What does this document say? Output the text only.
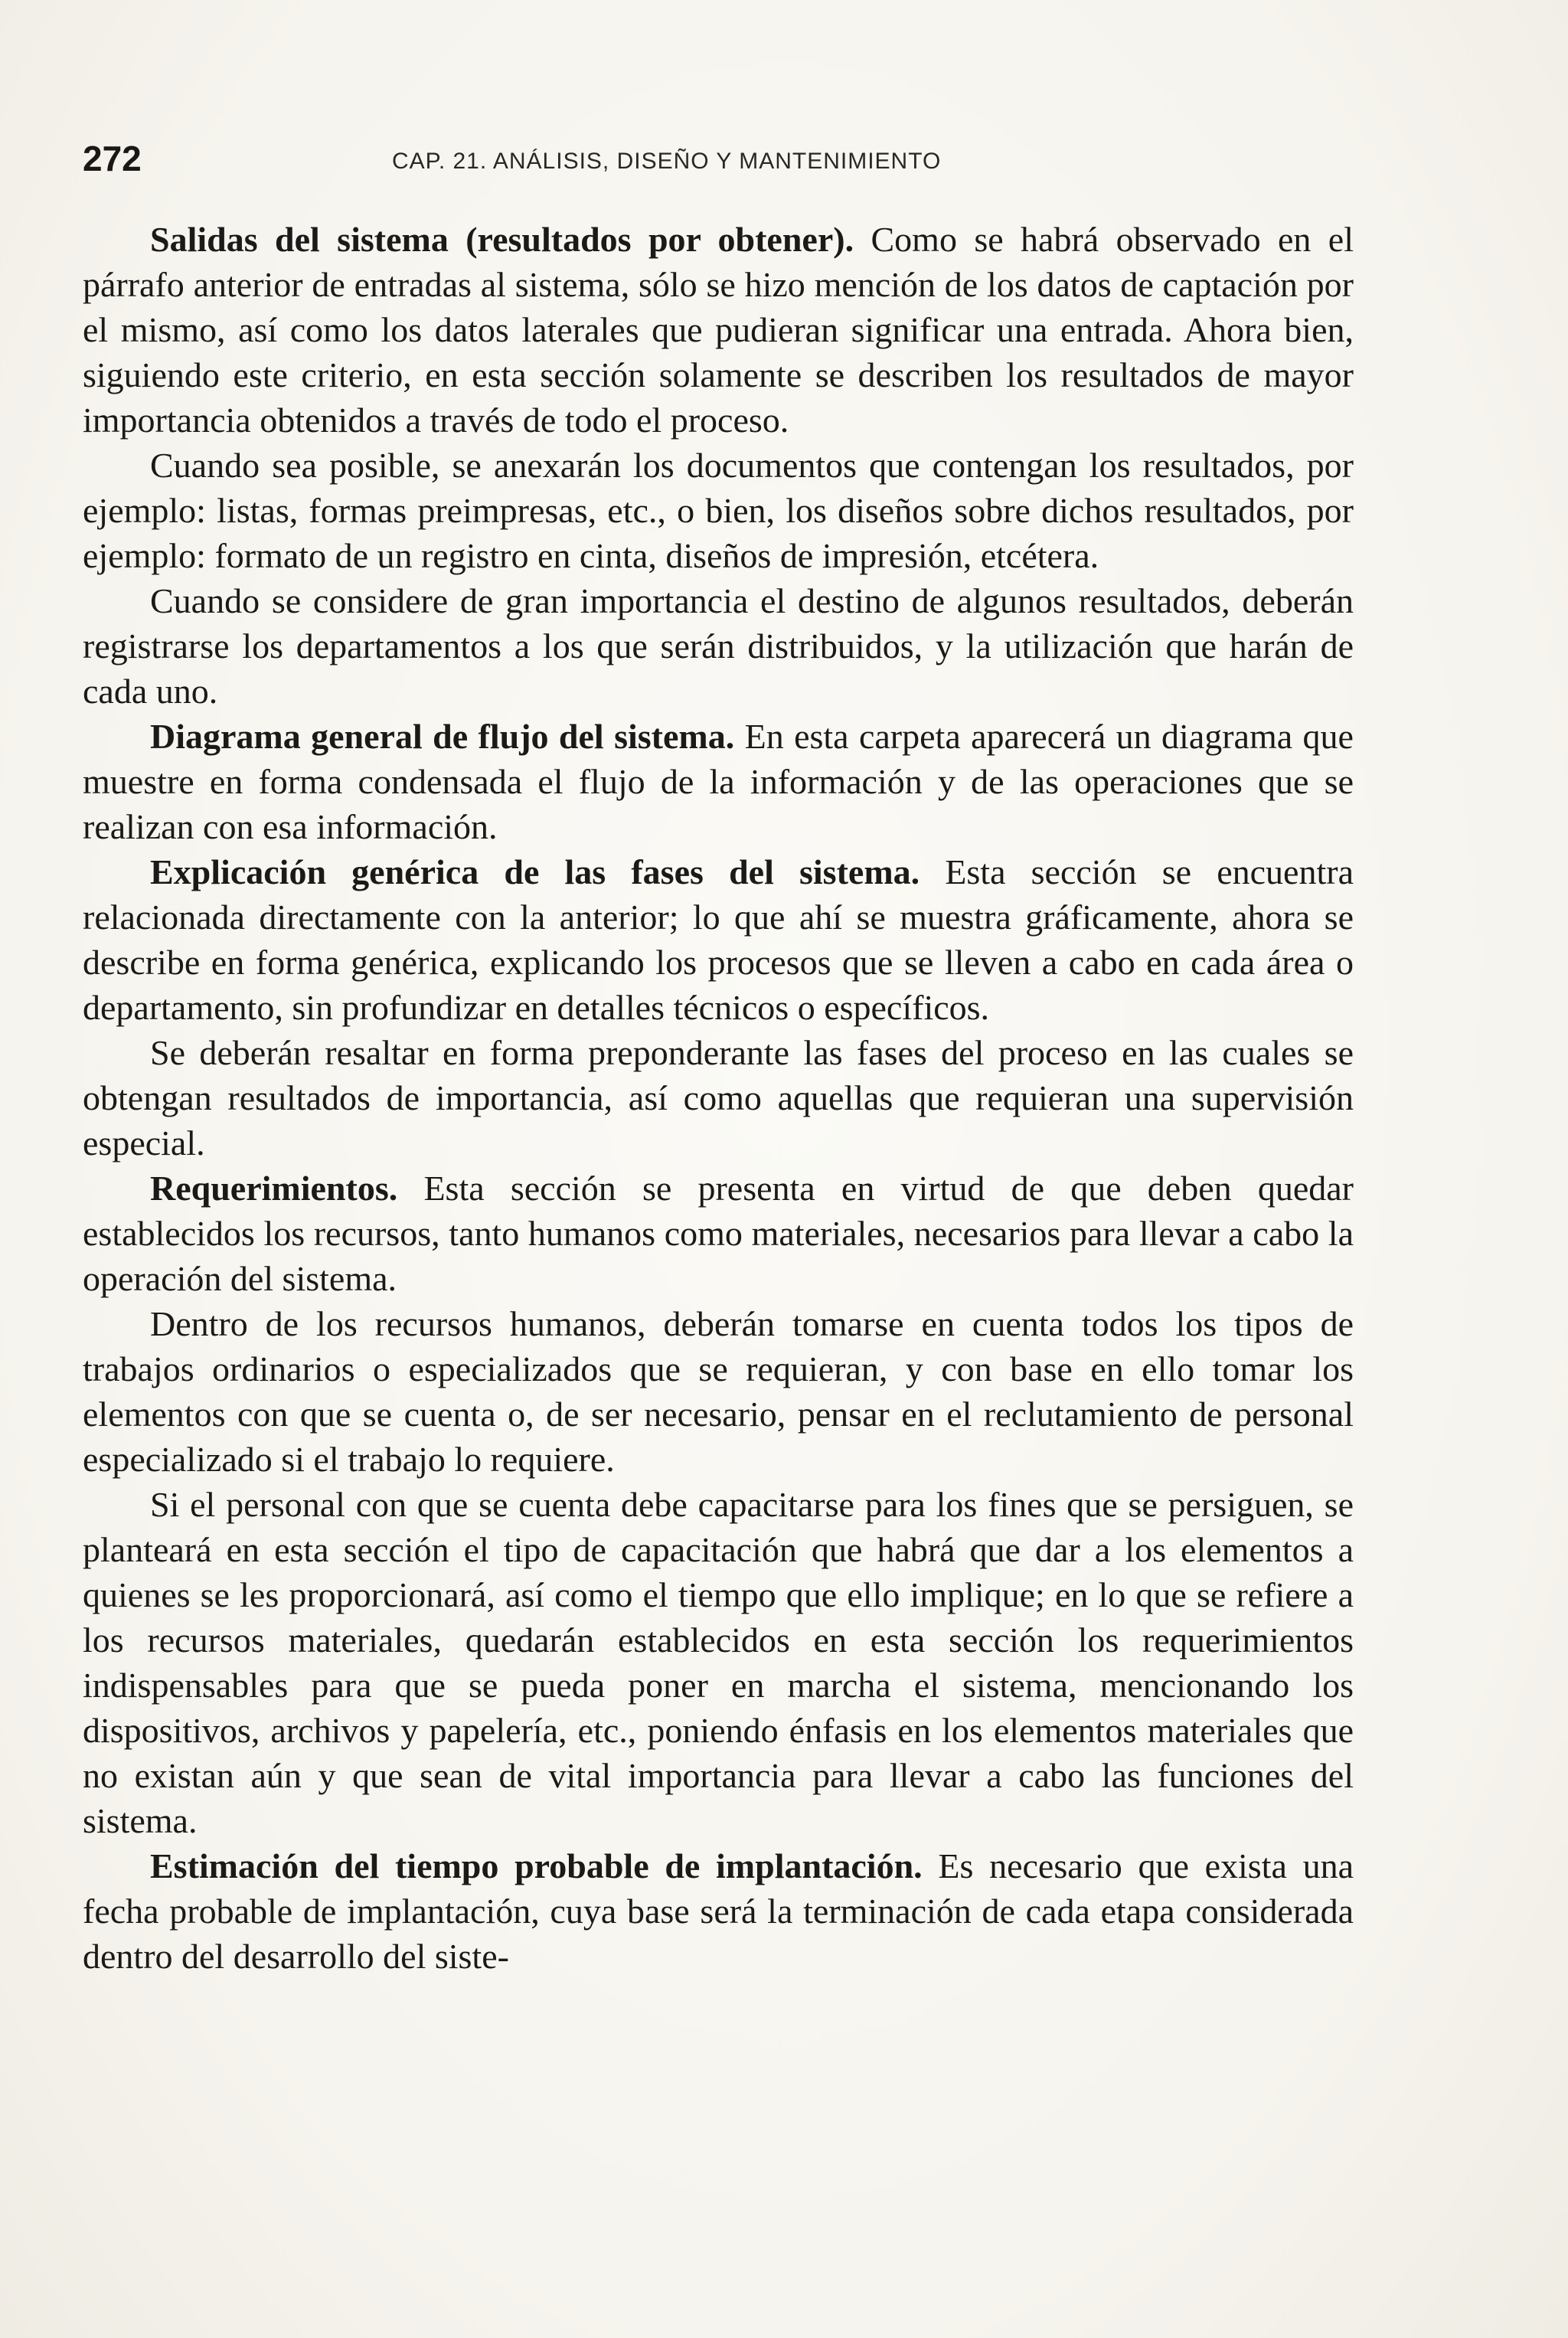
272	CAP. 21. ANÁLISIS, DISEÑO Y MANTENIMIENTO

Salidas del sistema (resultados por obtener). Como se habrá observado en el párrafo anterior de entradas al sistema, sólo se hizo mención de los datos de captación por el mismo, así como los datos laterales que pudieran significar una entrada. Ahora bien, siguiendo este criterio, en esta sección solamente se describen los resultados de mayor importancia obtenidos a través de todo el proceso.

Cuando sea posible, se anexarán los documentos que contengan los resultados, por ejemplo: listas, formas preimpresas, etc., o bien, los diseños sobre dichos resultados, por ejemplo: formato de un registro en cinta, diseños de impresión, etcétera.

Cuando se considere de gran importancia el destino de algunos resultados, deberán registrarse los departamentos a los que serán distribuidos, y la utilización que harán de cada uno.

Diagrama general de flujo del sistema. En esta carpeta aparecerá un diagrama que muestre en forma condensada el flujo de la información y de las operaciones que se realizan con esa información.

Explicación genérica de las fases del sistema. Esta sección se encuentra relacionada directamente con la anterior; lo que ahí se muestra gráficamente, ahora se describe en forma genérica, explicando los procesos que se lleven a cabo en cada área o departamento, sin profundizar en detalles técnicos o específicos.

Se deberán resaltar en forma preponderante las fases del proceso en las cuales se obtengan resultados de importancia, así como aquellas que requieran una supervisión especial.

Requerimientos. Esta sección se presenta en virtud de que deben quedar establecidos los recursos, tanto humanos como materiales, necesarios para llevar a cabo la operación del sistema.

Dentro de los recursos humanos, deberán tomarse en cuenta todos los tipos de trabajos ordinarios o especializados que se requieran, y con base en ello tomar los elementos con que se cuenta o, de ser necesario, pensar en el reclutamiento de personal especializado si el trabajo lo requiere.

Si el personal con que se cuenta debe capacitarse para los fines que se persiguen, se planteará en esta sección el tipo de capacitación que habrá que dar a los elementos a quienes se les proporcionará, así como el tiempo que ello implique; en lo que se refiere a los recursos materiales, quedarán establecidos en esta sección los requerimientos indispensables para que se pueda poner en marcha el sistema, mencionando los dispositivos, archivos y papelería, etc., poniendo énfasis en los elementos materiales que no existan aún y que sean de vital importancia para llevar a cabo las funciones del sistema.

Estimación del tiempo probable de implantación. Es necesario que exista una fecha probable de implantación, cuya base será la terminación de cada etapa considerada dentro del desarrollo del siste-
